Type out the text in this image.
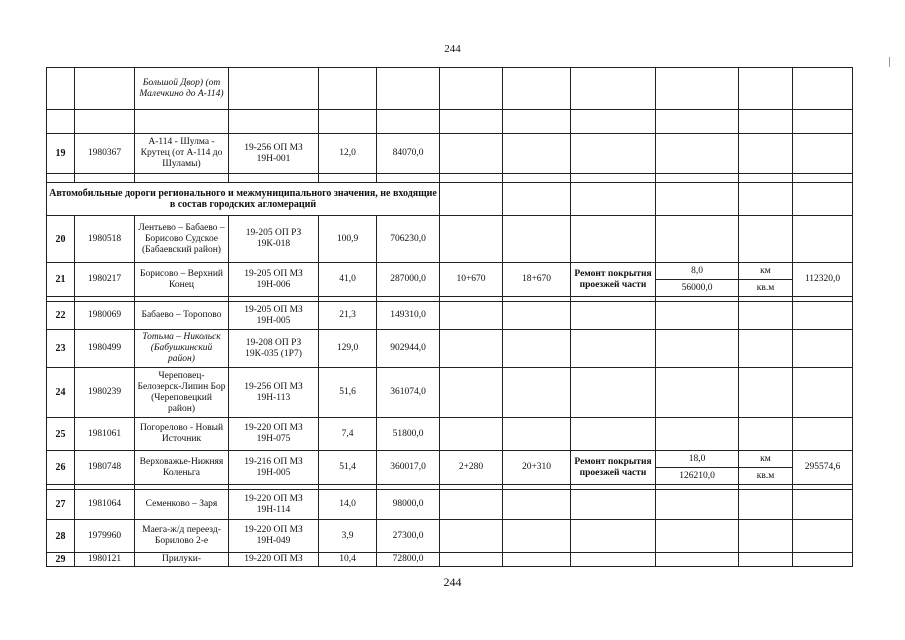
244
		Большой Двор) (от Малечкино до А-114)									

19	1980367	А-114 - Шулма - Крутец (от А-114 до Шуламы)	19-256 ОП МЗ 19Н-001	12,0	84070,0						

Автомобильные дороги регионального и межмуниципального значения, не входящие в состав городских агломераций											
20	1980518	Лентьево – Бабаево – Борисово Судское (Бабаевский район)	19-205 ОП РЗ 19К-018	100,9	706230,0						
21	1980217	Борисово – Верхний Конец	19-205 ОП МЗ 19Н-006	41,0	287000,0	10+670	18+670	Ремонт покрытия проезжей части	8,0	км	112320,0
									56000,0	кв.м	

22	1980069	Бабаево – Торопово	19-205 ОП МЗ 19Н-005	21,3	149310,0						
23	1980499	Тотьма – Никольск (Бабушкинский район)	19-208 ОП РЗ 19К-035 (1Р7)	129,0	902944,0						
24	1980239	Череповец-Белозерск-Липин Бор (Череповецкий район)	19-256 ОП МЗ 19Н-113	51,6	361074,0						
25	1981061	Погорелово - Новый Источник	19-220 ОП МЗ 19Н-075	7,4	51800,0						
26	1980748	Верховажье-Нижняя Коленьга	19-216 ОП МЗ 19Н-005	51,4	360017,0	2+280	20+310	Ремонт покрытия проезжей части	18,0	км	295574,6
									126210,0	кв.м	

27	1981064	Семенково – Заря	19-220 ОП МЗ 19Н-114	14,0	98000,0						
28	1979960	Маега-ж/д переезд-Борилово 2-е	19-220 ОП МЗ 19Н-049	3,9	27300,0						
29	1980121	Прилуки-	19-220 ОП МЗ	10,4	72800,0						
244
